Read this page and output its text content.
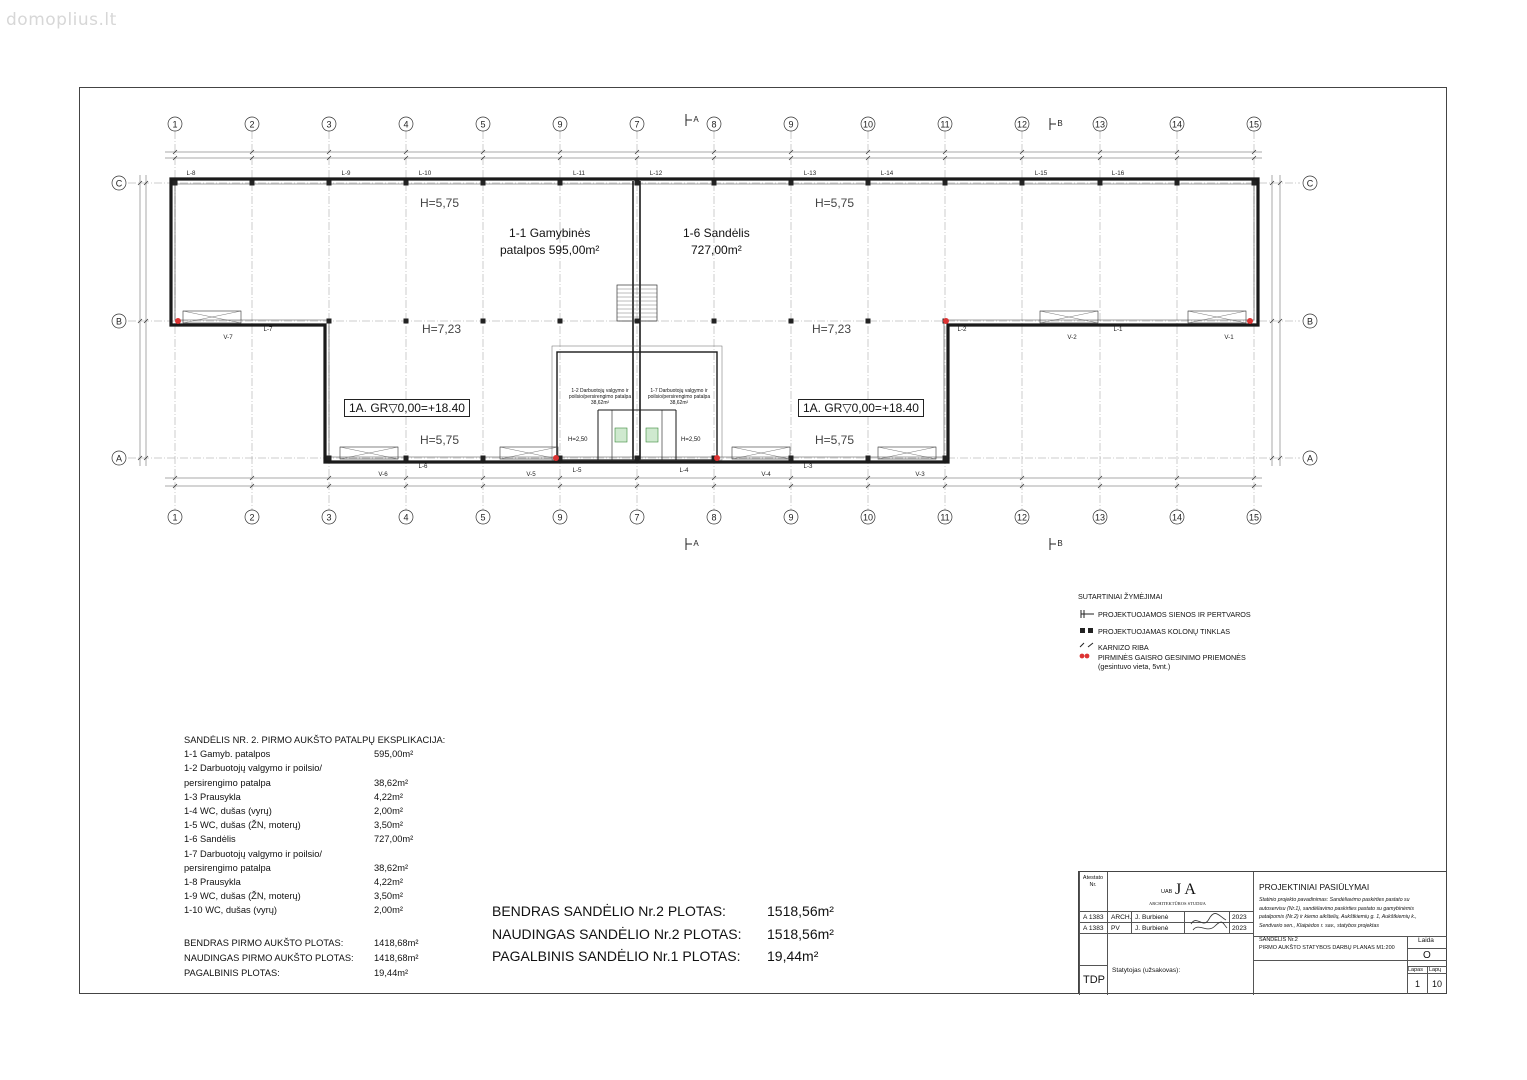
domoplius.lt
1
1
2
2
3
3
4
4
5
5
9
9
7
7
8
8
9
9
10
10
11
11
12
12
13
13
14
14
15
15
C	C
B	B
A	A
L-8	L-9	L-10	L-11	L-12	L-13	L-14	L-15	L-16
L-7
V-7
L-2	L-1
V-2	V-1
V-6
L-6
V-5
L-5	L-4
V-4
L-3
V-3
A
A
B
B
1-1 Gamybinės
patalpos 595,00m²
1-6 Sandėlis
727,00m²
1-2 Darbuotojų valgymo ir poilsio/persirengimo patalpa 38,62m²
1-7 Darbuotojų valgymo ir poilsio/persirengimo patalpa 38,62m²
H=2,50	H=2,50
H=5,75	H=5,75
H=7,23	H=7,23
H=5,75	H=5,75
1A. GR▽0,00=+18.40	1A. GR▽0,00=+18.40
SUTARTINIAI ŽYMĖJIMAI
PROJEKTUOJAMOS SIENOS IR PERTVAROS
PROJEKTUOJAMAS KOLONŲ TINKLAS
KARNIZO RIBA
PIRMINĖS GAISRO GESINIMO PRIEMONĖS
(gesintuvo vieta, 5vnt.)
SANDĖLIS NR. 2. PIRMO AUKŠTO PATALPŲ EKSPLIKACIJA:
1-1 Gamyb. patalpos	595,00m²
1-2 Darbuotojų valgymo ir poilsio/
persirengimo patalpa	38,62m²
1-3 Prausykla	4,22m²
1-4 WC, dušas (vyrų)	2,00m²
1-5 WC, dušas (ŽN, moterų)	3,50m²
1-6 Sandėlis	727,00m²
1-7 Darbuotojų valgymo ir poilsio/
persirengimo patalpa	38,62m²
1-8 Prausykla	4,22m²
1-9 WC, dušas (ŽN, moterų)	3,50m²
1-10 WC, dušas (vyrų)	2,00m²
BENDRAS PIRMO AUKŠTO PLOTAS:	1418,68m²
NAUDINGAS PIRMO AUKŠTO PLOTAS: 1418,68m²
PAGALBINIS PLOTAS:	19,44m²
BENDRAS SANDĖLIO Nr.2 PLOTAS:	1518,56m²
NAUDINGAS SANDĖLIO Nr.2 PLOTAS: 1518,56m²
PAGALBINIS SANDĖLIO Nr.1 PLOTAS: 19,44m²
Atestato Nr.
UAB J A
ARCHITEKTŪROS STUDIJA
A 1383 ARCH. J. Burbienė	2023
A 1383 PV J. Burbienė	2023
TDP
Statytojas (užsakovas):
PROJEKTINIAI PASIŪLYMAI
Statinio projekto pavadinimas: Sandėliavimo paskirties pastato su
autoservisu (Nr.1), sandėliavimo paskirties pastato su gamybinėmis
patalpomis (Nr.2) ir kiemo aikštelių, Aukštkiemių g. 1, Aukštkiemių k.,
Sendvario sen., Klaipėdos r. sav., statybos projektas
SANDĖLIS Nr.2
PIRMO AUKŠTO STATYBOS DARBŲ PLANAS M1:200
Laida
O
Lapas Lapų
1 10
